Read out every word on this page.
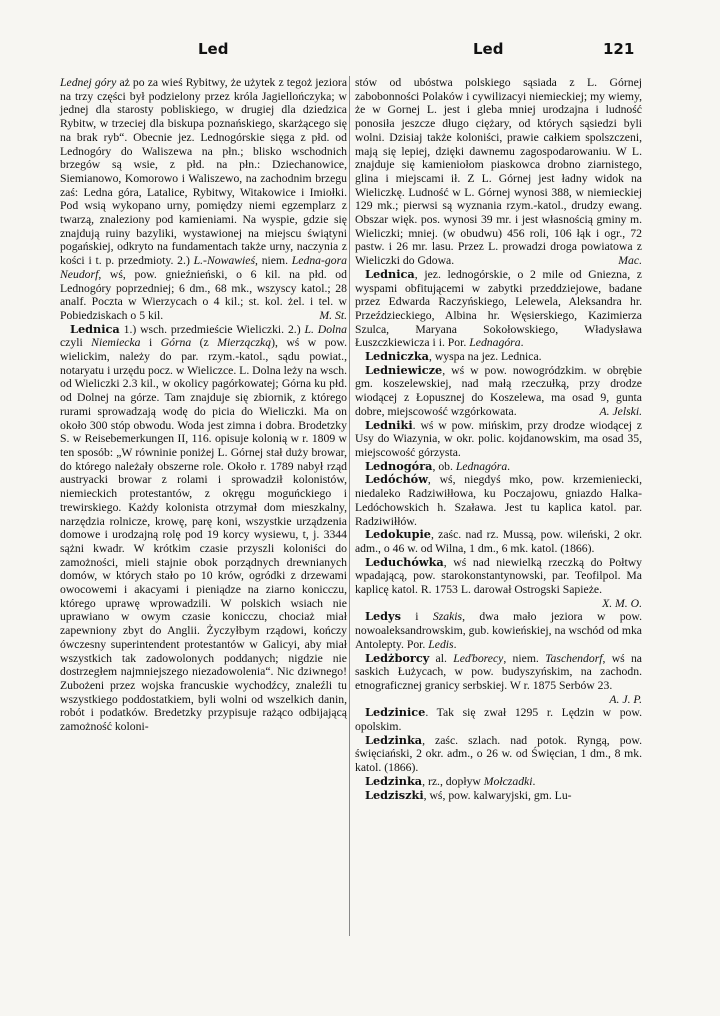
Led	Led	121

Lednej góry aż po za wieś Rybitwy, że użytek z tegoż jeziora na trzy części był podzielony przez króla Jagiellończyka; w jednej dla starosty pobliskiego, w drugiej dla dziedzica Rybitw, w trzeciej dla biskupa poznańskiego, skarżącego się na brak ryb“. Obecnie jez. Lednogórskie sięga z płd. od Lednogóry do Waliszewa na płn.; blisko wschodnich brzegów są wsie, z płd. na płn.: Dziechanowice, Siemianowo, Komorowo i Waliszewo, na zachodnim brzegu zaś: Ledna góra, Latalice, Rybitwy, Witakowice i Imiołki. Pod wsią wykopano urny, pomiędzy niemi egzemplarz z twarzą, znaleziony pod kamieniami. Na wyspie, gdzie się znajdują ruiny bazyliki, wystawionej na miejscu świątyni pogańskiej, odkryto na fundamentach także urny, naczynia z kości i t. p. przedmioty. 2.) L.-Nowawieś, niem. Ledna-gora Neudorf, wś, pow. gnieźnieński, o 6 kil. na płd. od Lednogóry poprzedniej; 6 dm., 68 mk., wszyscy katol.; 28 analf. Poczta w Wierzycach o 4 kil.; st. kol. żel. i tel. w Pobiedziskach o 5 kil.	M. St.

Lednica 1.) wsch. przedmieście Wieliczki. 2.) L. Dolna czyli Niemiecka i Górna (z Mierzączką), wś w pow. wielickim, należy do par. rzym.-katol., sądu powiat., notaryatu i urzędu pocz. w Wieliczce. L. Dolna leży na wsch. od Wieliczki 2.3 kil., w okolicy pagórkowatej; Górna ku płd. od Dolnej na górze. Tam znajduje się zbiornik, z którego rurami sprowadzają wodę do picia do Wieliczki. Ma on około 300 stóp obwodu. Woda jest zimna i dobra. Brodetzky S. w Reisebemerkungen II, 116. opisuje kolonią w r. 1809 w ten sposób: „W równinie poniżej L. Górnej stał duży browar, do którego należały obszerne role. Około r. 1789 nabył rząd austryacki browar z rolami i sprowadził kolonistów, niemieckich protestantów, z okręgu moguńckiego i trewirskiego. Każdy kolonista otrzymał dom mieszkalny, narzędzia rolnicze, krowę, parę koni, wszystkie urządzenia domowe i urodzajną rolę pod 19 korcy wysiewu, t, j. 3344 sążni kwadr. W krótkim czasie przyszli koloniści do zamożności, mieli stajnie obok porządnych drewnianych domów, w których stało po 10 krów, ogródki z drzewami owocowemi i akacyami i pieniądze na ziarno konicczu, którego uprawę wprowadzili. W polskich wsiach nie uprawiano w owym czasie konicczu, chociaż miał zapewniony zbyt do Anglii. Życzyłbym rządowi, kończy ówczesny superintendent protestantów w Galicyi, aby miał wszystkich tak zadowolonych poddanych; nigdzie nie dostrzegłem najmniejszego niezadowolenia“. Nic dziwnego! Zubożeni przez wojska francuskie wychodźcy, znaleźli tu wszystkiego poddostatkiem, byli wolni od wszelkich danin, robót i podatków. Bredetzky przypisuje rażąco odbijającą zamożność koloni-

stów od ubóstwa polskiego sąsiada z L. Górnej zabobonności Polaków i cywilizacyi niemieckiej; my wiemy, że w Gornej L. jest i gleba mniej urodzajna i ludność ponosiła jeszcze długo ciężary, od których sąsiedzi byli wolni. Dzisiaj także koloniści, prawie całkiem spolszczeni, mają się lepiej, dzięki dawnemu zagospodarowaniu. W L. znajduje się kamieniołom piaskowca drobno ziarnistego, glina i miejscami ił. Z L. Górnej jest ładny widok na Wieliczkę. Ludność w L. Górnej wynosi 388, w niemieckiej 129 mk.; pierwsi są wyznania rzym.-katol., drudzy ewang. Obszar więk. pos. wynosi 39 mr. i jest własnością gminy m. Wieliczki; mniej. (w obudwu) 456 roli, 106 łąk i ogr., 72 pastw. i 26 mr. lasu. Przez L. prowadzi droga powiatowa z Wieliczki do Gdowa.	Mac.

Lednica, jez. lednogórskie, o 2 mile od Gniezna, z wyspami obfitującemi w zabytki przeddziejowe, badane przez Edwarda Raczyńskiego, Lelewela, Aleksandra hr. Przeździeckiego, Albina hr. Węsierskiego, Kazimierza Szulca, Maryana Sokołowskiego, Władysława Łuszczkiewicza i i. Por. Lednagóra.

Ledniczka, wyspa na jez. Lednica.

Ledniewicze, wś w pow. nowogródzkim. w obrębie gm. koszelewskiej, nad małą rzeczułką, przy drodze wiodącej z Łopusznej do Koszelewa, ma osad 9, gunta dobre, miejscowość wzgórkowata.	A. Jelski.

Ledniki. wś w pow. mińskim, przy drodze wiodącej z Usy do Wiazynia, w okr. polic. kojdanowskim, ma osad 35, miejscowość górzysta.

Lednogóra, ob. Lednagóra.

Ledóchów, wś, niegdyś mko, pow. krzemieniecki, niedaleko Radziwiłłowa, ku Poczajowu, gniazdo Halka-Ledóchowskich h. Szaława. Jest tu kaplica katol. par. Radziwiłłów.

Ledokupie, zaśc. nad rz. Mussą, pow. wileński, 2 okr. adm., o 46 w. od Wilna, 1 dm., 6 mk. katol. (1866).

Leduchówka, wś nad niewielką rzeczką do Połtwy wpadającą, pow. starokonstantynowski, par. Teofilpol. Ma kaplicę katol. R. 1753 L. darował Ostrogski Sapieże.
X. M. O.

Ledys i Szakis, dwa mało jeziora w pow. nowoaleksandrowskim, gub. kowieńskiej, na wschód od mka Antolepty. Por. Ledis.

Ledżborcy al. Leďborecy, niem. Taschendorf, wś na saskich Łużycach, w pow. budyszyńskim, na zachodn. etnograficznej granicy serbskiej. W r. 1875 Serbów 23.
A. J. P.

Ledzinice. Tak się zwał 1295 r. Lędzin w pow. opolskim.

Ledzinka, zaśc. szlach. nad potok. Ryngą, pow. święciański, 2 okr. adm., o 26 w. od Święcian, 1 dm., 8 mk. katol. (1866).

Ledzinka, rz., dopływ Mołczadki.

Ledziszki, wś, pow. kalwaryjski, gm. Lu-
